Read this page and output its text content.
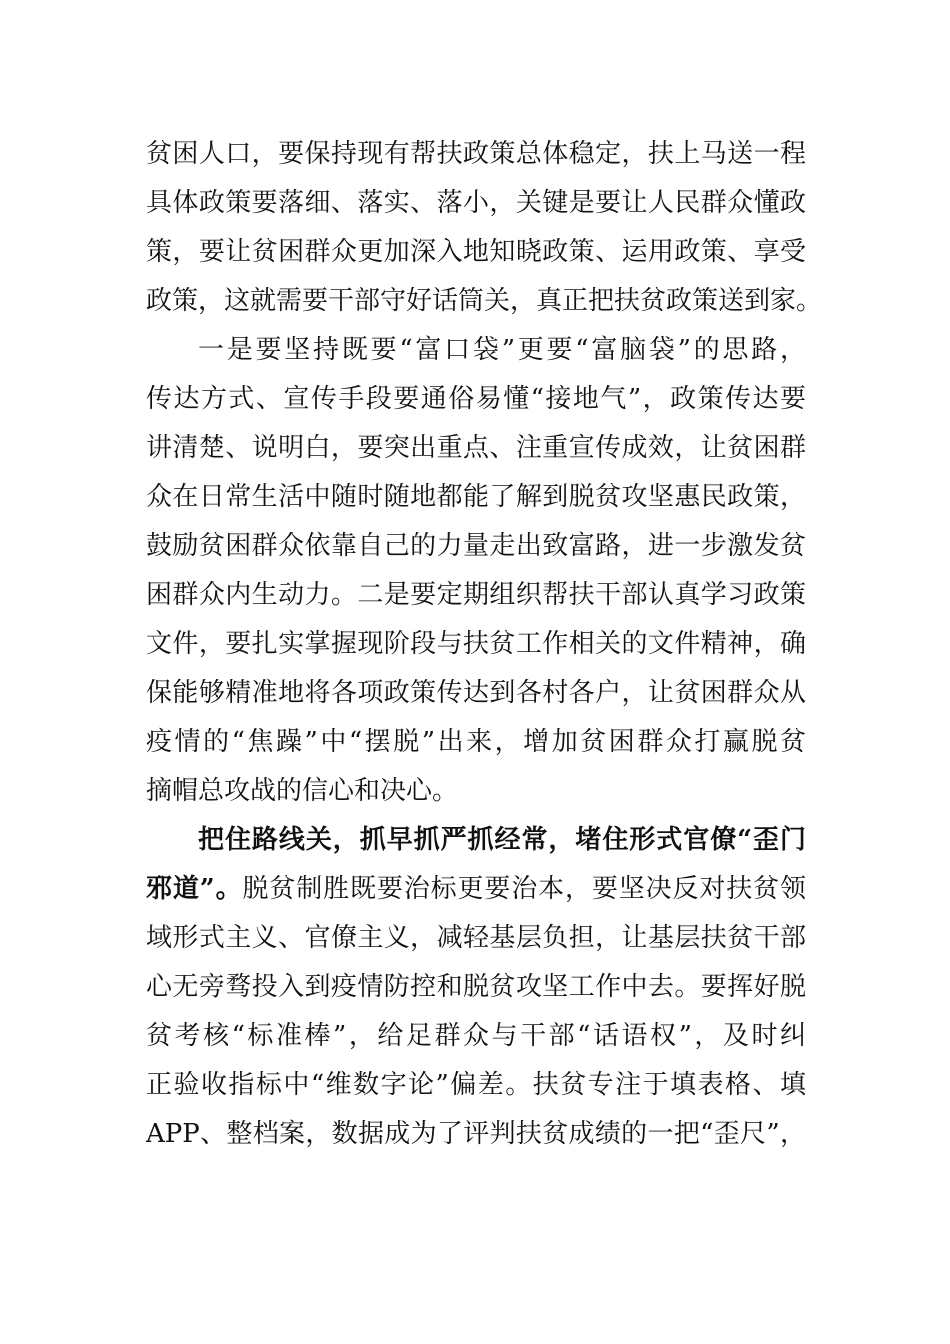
贫困人口，要保持现有帮扶政策总体稳定，扶上马送一程
具体政策要落细、落实、落小，关键是要让人民群众懂政
策，要让贫困群众更加深入地知晓政策、运用政策、享受
政策，这就需要干部守好话筒关，真正把扶贫政策送到家。
一是要坚持既要“富口袋”更要“富脑袋”的思路，
传达方式、宣传手段要通俗易懂“接地气”，政策传达要
讲清楚、说明白，要突出重点、注重宣传成效，让贫困群
众在日常生活中随时随地都能了解到脱贫攻坚惠民政策，
鼓励贫困群众依靠自己的力量走出致富路，进一步激发贫
困群众内生动力。二是要定期组织帮扶干部认真学习政策
文件，要扎实掌握现阶段与扶贫工作相关的文件精神，确
保能够精准地将各项政策传达到各村各户，让贫困群众从
疫情的“焦躁”中“摆脱”出来，增加贫困群众打赢脱贫
摘帽总攻战的信心和决心。
把住路线关，抓早抓严抓经常，堵住形式官僚“歪门
邪道”。脱贫制胜既要治标更要治本，要坚决反对扶贫领
域形式主义、官僚主义，减轻基层负担，让基层扶贫干部
心无旁骛投入到疫情防控和脱贫攻坚工作中去。要挥好脱
贫考核“标准棒”，给足群众与干部“话语权”，及时纠
正验收指标中“维数字论”偏差。扶贫专注于填表格、填
APP、整档案，数据成为了评判扶贫成绩的一把“歪尺”，
